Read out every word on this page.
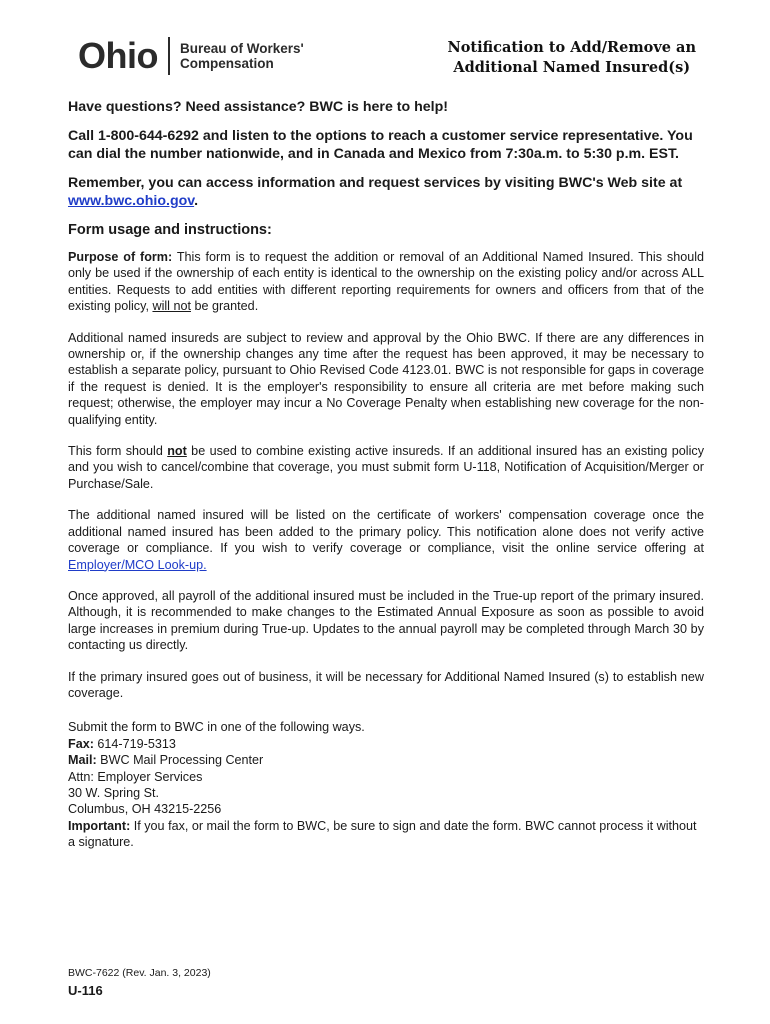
Ohio Bureau of Workers'
Compensation
Notification to Add/Remove an
Additional Named Insured(s)

Have questions? Need assistance? BWC is here to help!

Call 1-800-644-6292 and listen to the options to reach a customer service representative. You can dial the number nationwide, and in Canada and Mexico from 7:30a.m. to 5:30 p.m. EST.

Remember, you can access information and request services by visiting BWC's Web site at www.bwc.ohio.gov.

Form usage and instructions:

Purpose of form: This form is to request the addition or removal of an Additional Named Insured. This should only be used if the ownership of each entity is identical to the ownership on the existing policy and/or across ALL entities. Requests to add entities with different reporting requirements for owners and officers from that of the existing policy, will not be granted.

Additional named insureds are subject to review and approval by the Ohio BWC. If there are any differences in ownership or, if the ownership changes any time after the request has been approved, it may be necessary to establish a separate policy, pursuant to Ohio Revised Code 4123.01. BWC is not responsible for gaps in coverage if the request is denied. It is the employer's responsibility to ensure all criteria are met before making such request; otherwise, the employer may incur a No Coverage Penalty when establishing new coverage for the non-qualifying entity.

This form should not be used to combine existing active insureds. If an additional insured has an existing policy and you wish to cancel/combine that coverage, you must submit form U-118, Notification of Acquisition/Merger or Purchase/Sale.

The additional named insured will be listed on the certificate of workers' compensation coverage once the additional named insured has been added to the primary policy. This notification alone does not verify active coverage or compliance. If you wish to verify coverage or compliance, visit the online service offering at Employer/MCO Look-up.

Once approved, all payroll of the additional insured must be included in the True-up report of the primary insured. Although, it is recommended to make changes to the Estimated Annual Exposure as soon as possible to avoid large increases in premium during True-up. Updates to the annual payroll may be completed through March 30 by contacting us directly.

If the primary insured goes out of business, it will be necessary for Additional Named Insured (s) to establish new coverage.

Submit the form to BWC in one of the following ways.
Fax: 614-719-5313
Mail: BWC Mail Processing Center
Attn: Employer Services
30 W. Spring St.
Columbus, OH 43215-2256
Important: If you fax, or mail the form to BWC, be sure to sign and date the form. BWC cannot process it without a signature.
BWC-7622 (Rev. Jan. 3, 2023)
U-116
